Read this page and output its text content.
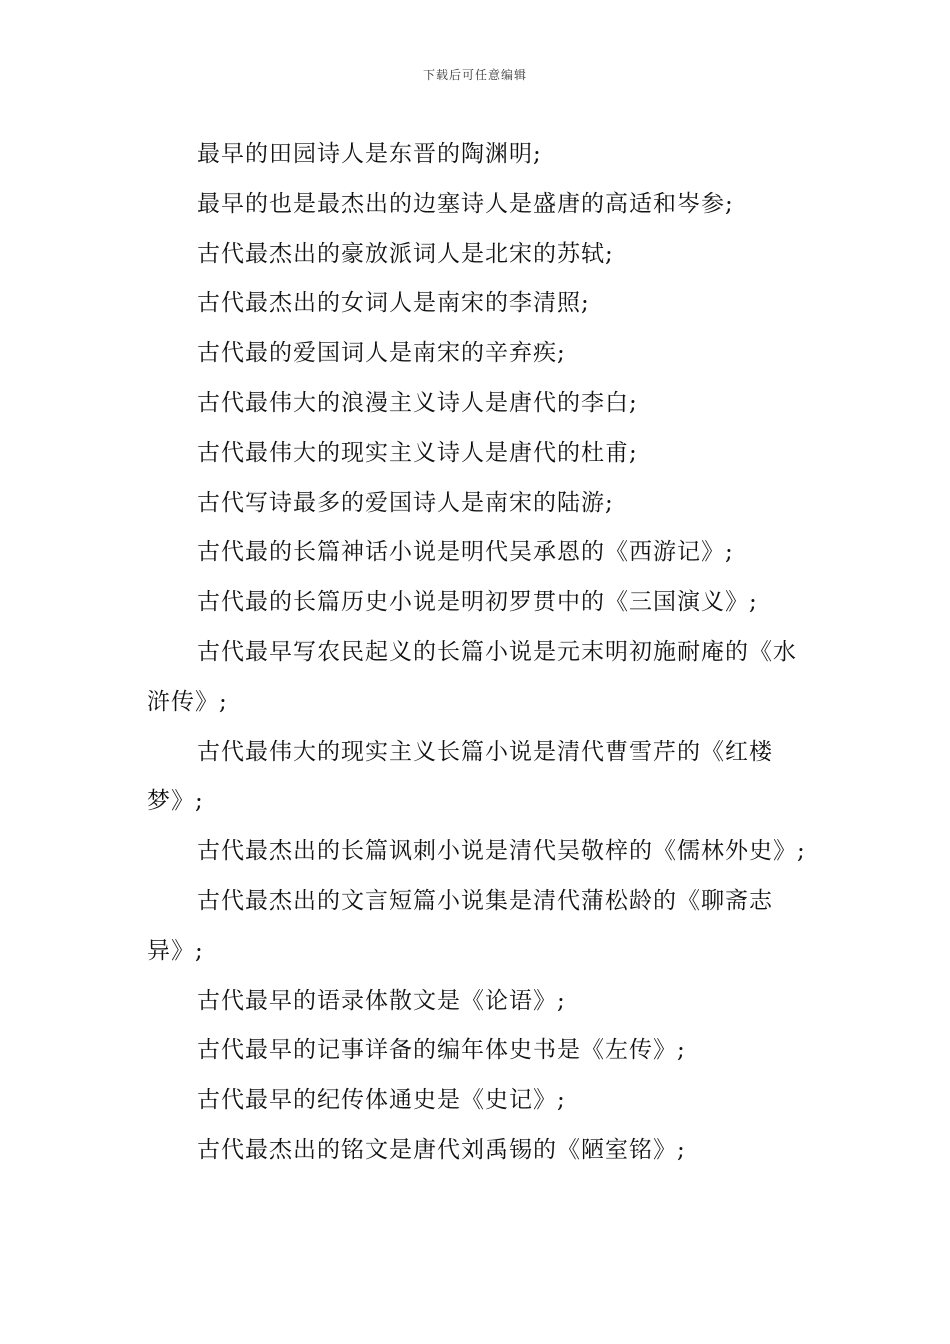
下载后可任意编辑

最早的田园诗人是东晋的陶渊明;

最早的也是最杰出的边塞诗人是盛唐的高适和岑参;

古代最杰出的豪放派词人是北宋的苏轼;

古代最杰出的女词人是南宋的李清照;

古代最的爱国词人是南宋的辛弃疾;

古代最伟大的浪漫主义诗人是唐代的李白;

古代最伟大的现实主义诗人是唐代的杜甫;

古代写诗最多的爱国诗人是南宋的陆游;

古代最的长篇神话小说是明代吴承恩的《西游记》;

古代最的长篇历史小说是明初罗贯中的《三国演义》;

古代最早写农民起义的长篇小说是元末明初施耐庵的《水浒传》;

古代最伟大的现实主义长篇小说是清代曹雪芹的《红楼梦》;

古代最杰出的长篇讽刺小说是清代吴敬梓的《儒林外史》;

古代最杰出的文言短篇小说集是清代蒲松龄的《聊斋志异》;

古代最早的语录体散文是《论语》;

古代最早的记事详备的编年体史书是《左传》;

古代最早的纪传体通史是《史记》;

古代最杰出的铭文是唐代刘禹锡的《陋室铭》;
